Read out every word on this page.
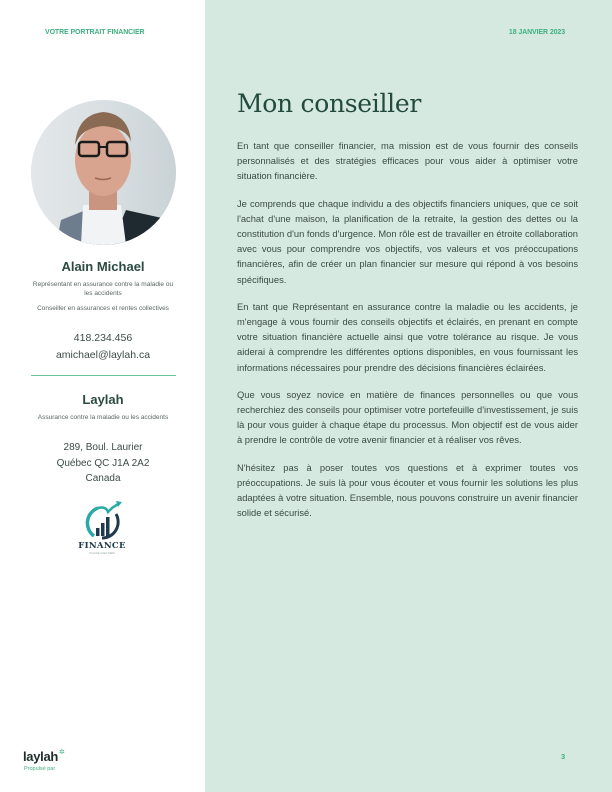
VOTRE PORTRAIT FINANCIER	18 JANVIER 2023
Alain Michael
Représentant en assurance contre la maladie ou les accidents
Conseiller en assurances et rentes collectives
418.234.456
amichael@laylah.ca
Laylah
Assurance contre la maladie ou les accidents
289, Boul. Laurier
Québec QC J1A 2A2
Canada
FINANCE
TAGLINE GOES HERE
laylah ✲
Propulsé par
Mon conseiller

En tant que conseiller financier, ma mission est de vous fournir des conseils personnalisés et des stratégies efficaces pour vous aider à optimiser votre situation financière.

Je comprends que chaque individu a des objectifs financiers uniques, que ce soit l'achat d'une maison, la planification de la retraite, la gestion des dettes ou la constitution d'un fonds d'urgence. Mon rôle est de travailler en étroite collaboration avec vous pour comprendre vos objectifs, vos valeurs et vos préoccupations financières, afin de créer un plan financier sur mesure qui répond à vos besoins spécifiques.

En tant que Représentant en assurance contre la maladie ou les accidents, je m'engage à vous fournir des conseils objectifs et éclairés, en prenant en compte votre situation financière actuelle ainsi que votre tolérance au risque. Je vous aiderai à comprendre les différentes options disponibles, en vous fournissant les informations nécessaires pour prendre des décisions financières éclairées.

Que vous soyez novice en matière de finances personnelles ou que vous recherchiez des conseils pour optimiser votre portefeuille d'investissement, je suis là pour vous guider à chaque étape du processus. Mon objectif est de vous aider à prendre le contrôle de votre avenir financier et à réaliser vos rêves.

N'hésitez pas à poser toutes vos questions et à exprimer toutes vos préoccupations. Je suis là pour vous écouter et vous fournir les solutions les plus adaptées à votre situation. Ensemble, nous pouvons construire un avenir financier solide et sécurisé.

3
